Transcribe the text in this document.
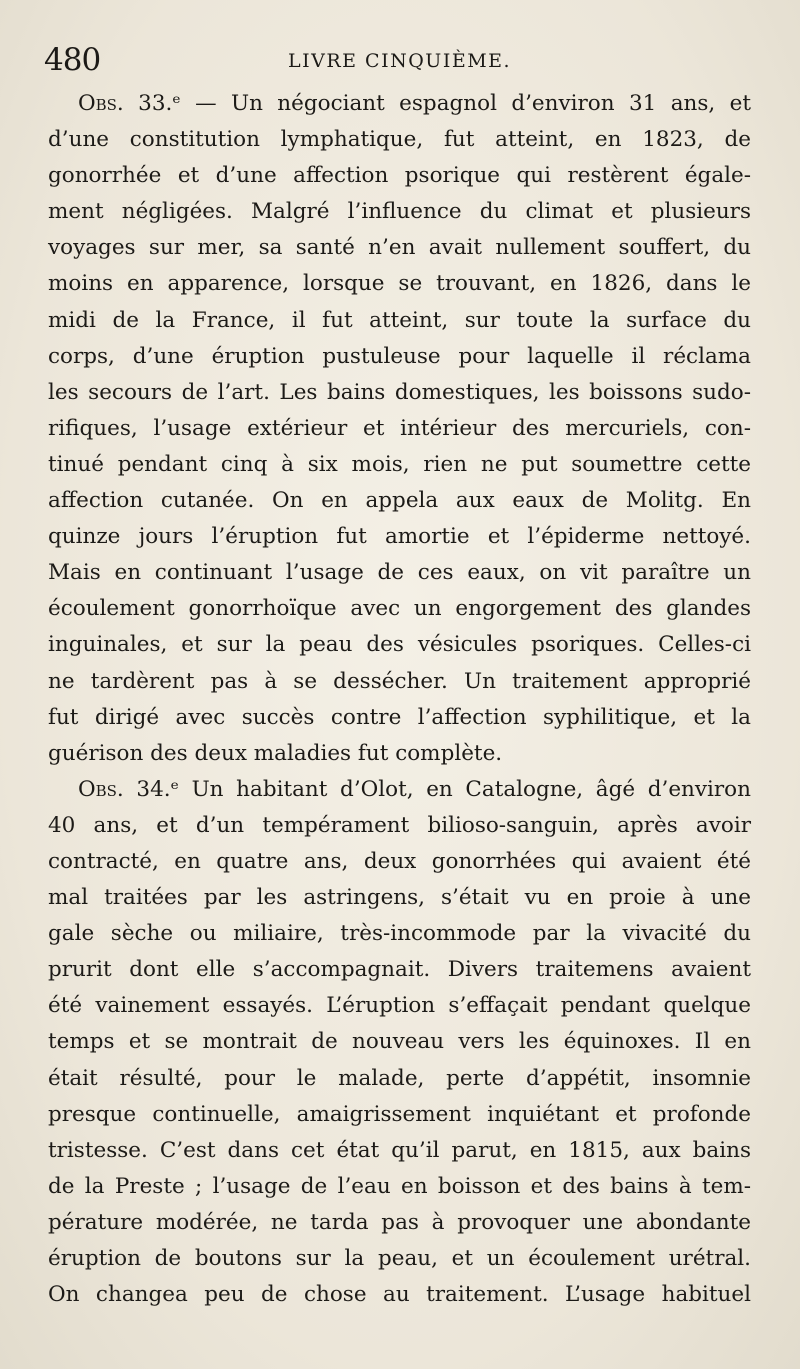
480	LIVRE CINQUIÈME.
Obs. 33.ᵉ — Un négociant espagnol d’environ 31 ans, et
d’une constitution lymphatique, fut atteint, en 1823, de
gonorrhée et d’une affection psorique qui restèrent égale-
ment négligées. Malgré l’influence du climat et plusieurs
voyages sur mer, sa santé n’en avait nullement souffert, du
moins en apparence, lorsque se trouvant, en 1826, dans le
midi de la France, il fut atteint, sur toute la surface du
corps, d’une éruption pustuleuse pour laquelle il réclama
les secours de l’art. Les bains domestiques, les boissons sudo-
rifiques, l’usage extérieur et intérieur des mercuriels, con-
tinué pendant cinq à six mois, rien ne put soumettre cette
affection cutanée. On en appela aux eaux de Molitg. En
quinze jours l’éruption fut amortie et l’épiderme nettoyé.
Mais en continuant l’usage de ces eaux, on vit paraître un
écoulement gonorrhoïque avec un engorgement des glandes
inguinales, et sur la peau des vésicules psoriques. Celles-ci
ne tardèrent pas à se dessécher. Un traitement approprié
fut dirigé avec succès contre l’affection syphilitique, et la
guérison des deux maladies fut complète.
Obs. 34.ᵉ Un habitant d’Olot, en Catalogne, âgé d’environ
40 ans, et d’un tempérament bilioso-sanguin, après avoir
contracté, en quatre ans, deux gonorrhées qui avaient été
mal traitées par les astringens, s’était vu en proie à une
gale sèche ou miliaire, très-incommode par la vivacité du
prurit dont elle s’accompagnait. Divers traitemens avaient
été vainement essayés. L’éruption s’effaçait pendant quelque
temps et se montrait de nouveau vers les équinoxes. Il en
était résulté, pour le malade, perte d’appétit, insomnie
presque continuelle, amaigrissement inquiétant et profonde
tristesse. C’est dans cet état qu’il parut, en 1815, aux bains
de la Preste ; l’usage de l’eau en boisson et des bains à tem-
pérature modérée, ne tarda pas à provoquer une abondante
éruption de boutons sur la peau, et un écoulement urétral.
On changea peu de chose au traitement. L’usage habituel
